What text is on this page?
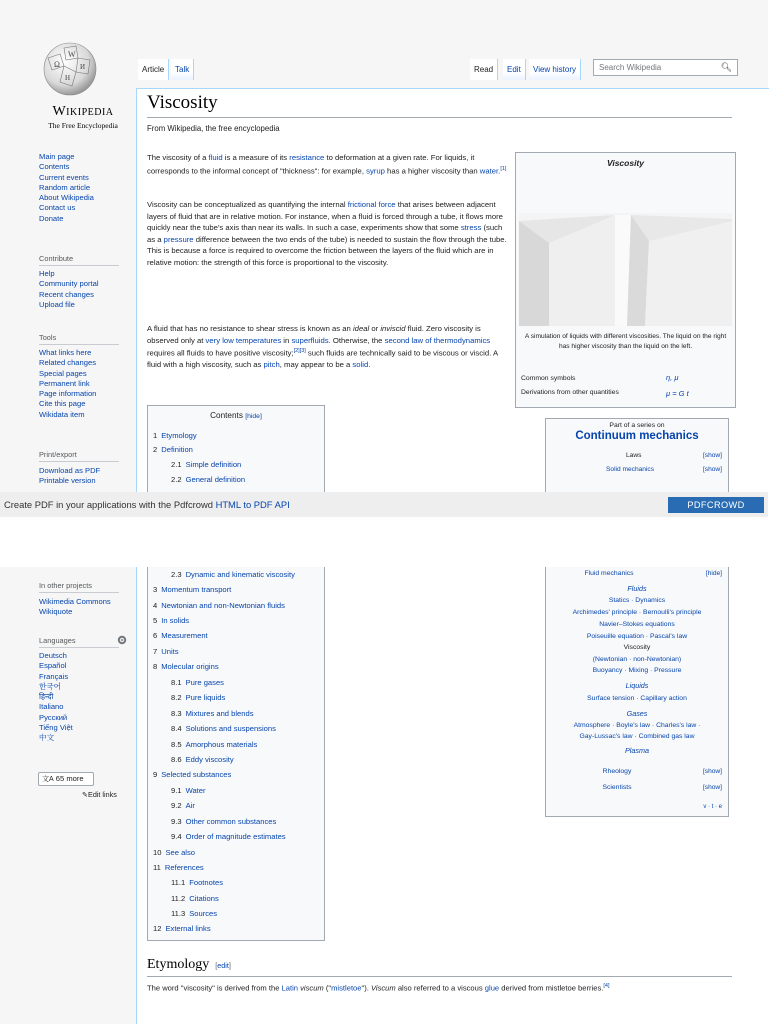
Ω
W
И
H
Wikipedia
The Free Encyclopedia
Main page
Contents
Current events
Random article
About Wikipedia
Contact us
Donate
Contribute
Help
Community portal
Recent changes
Upload file
Tools
What links here
Related changes
Special pages
Permanent link
Page information
Cite this page
Wikidata item
Print/export
Download as PDF
Printable version
Article	Talk	Read	Edit	View history	Search Wikipedia	🔍︎
Viscosity
From Wikipedia, the free encyclopedia
The viscosity of a fluid is a measure of its resistance to deformation at a given rate. For liquids, it corresponds to the informal concept of "thickness": for example, syrup has a higher viscosity than water.[1]
Viscosity can be conceptualized as quantifying the internal frictional force that arises between adjacent layers of fluid that are in relative motion. For instance, when a fluid is forced through a tube, it flows more quickly near the tube's axis than near its walls. In such a case, experiments show that some stress (such as a pressure difference between the two ends of the tube) is needed to sustain the flow through the tube. This is because a force is required to overcome the friction between the layers of the fluid which are in relative motion: the strength of this force is proportional to the viscosity.
A fluid that has no resistance to shear stress is known as an ideal or inviscid fluid. Zero viscosity is observed only at very low temperatures in superfluids. Otherwise, the second law of thermodynamics requires all fluids to have positive viscosity;[2][3] such fluids are technically said to be viscous or viscid. A fluid with a high viscosity, such as pitch, may appear to be a solid.
Viscosity
A simulation of liquids with different viscosities. The liquid on the right has higher viscosity than the liquid on the left.
Common symbols	η, μ
Derivations from other quantities	μ = G t
Part of a series on
Continuum mechanics
Laws	[show]
Solid mechanics	[show]
Contents [hide]
1 Etymology
2 Definition
2.1 Simple definition
2.2 General definition
Create PDF in your applications with the Pdfcrowd HTML to PDF API	PDFCROWD
In other projects
Wikimedia Commons
Wikiquote
Languages
Deutsch
Español
Français
한국어
हिन्दी
Italiano
Русский
Tiếng Việt
中文
文A 65 more
✎Edit links
2.3 Dynamic and kinematic viscosity
3 Momentum transport
4 Newtonian and non-Newtonian fluids
5 In solids
6 Measurement
7 Units
8 Molecular origins
8.1 Pure gases
8.2 Pure liquids
8.3 Mixtures and blends
8.4 Solutions and suspensions
8.5 Amorphous materials
8.6 Eddy viscosity
9 Selected substances
9.1 Water
9.2 Air
9.3 Other common substances
9.4 Order of magnitude estimates
10 See also
11 References
11.1 Footnotes
11.2 Citations
11.3 Sources
12 External links
Fluid mechanics	[hide]
Fluids
Statics · Dynamics
Archimedes' principle · Bernoulli's principle
Navier–Stokes equations
Poiseuille equation · Pascal's law
Viscosity
(Newtonian · non-Newtonian)
Buoyancy · Mixing · Pressure
Liquids
Surface tension · Capillary action
Gases
Atmosphere · Boyle's law · Charles's law ·
Gay-Lussac's law · Combined gas law
Plasma
Rheology	[show]
Scientists	[show]
v · t · e
Etymology [edit]
The word "viscosity" is derived from the Latin viscum ("mistletoe"). Viscum also referred to a viscous glue derived from mistletoe berries.[4]
